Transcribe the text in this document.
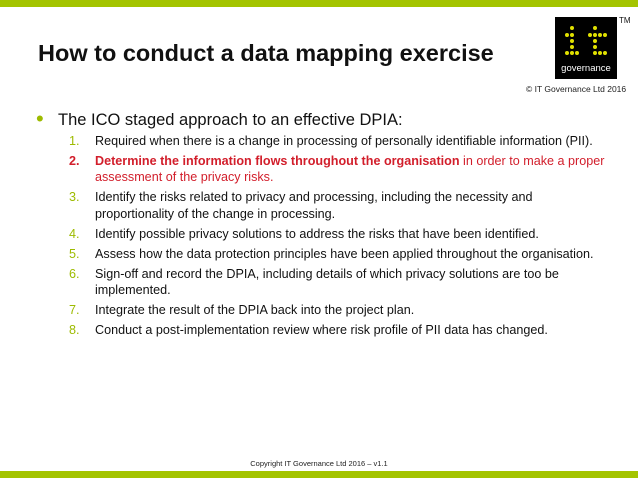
How to conduct a data mapping exercise
governance
TM
© IT Governance Ltd 2016
• The ICO staged approach to an effective DPIA:
1.	Required when there is a change in processing of personally identifiable information (PII).
2.	Determine the information flows throughout the organisation in order to make a proper assessment of the privacy risks.
3.	Identify the risks related to privacy and processing, including the necessity and proportionality of the change in processing.
4.	Identify possible privacy solutions to address the risks that have been identified.
5.	Assess how the data protection principles have been applied throughout the organisation.
6.	Sign-off and record the DPIA, including details of which privacy solutions are too be implemented.
7.	Integrate the result of the DPIA back into the project plan.
8.	Conduct a post-implementation review where risk profile of PII data has changed.
Copyright IT Governance Ltd 2016 – v1.1
